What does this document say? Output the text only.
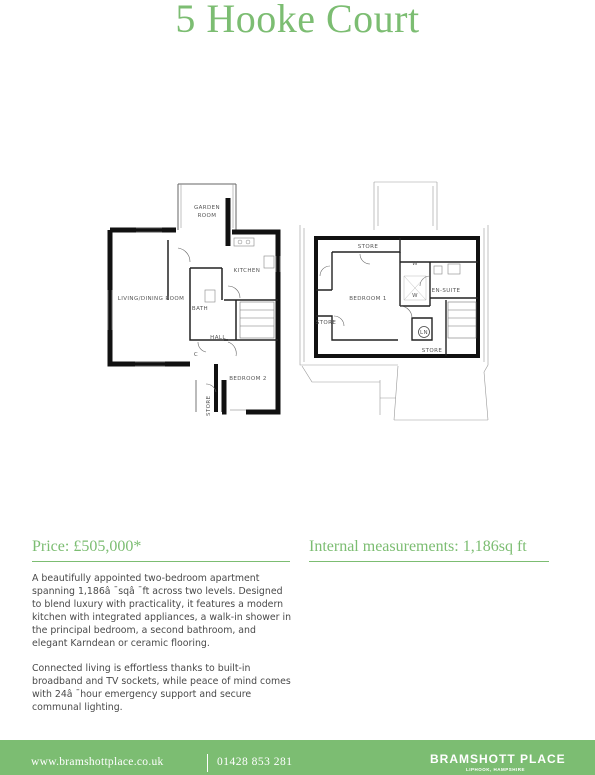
5 Hooke Court
GARDEN
ROOM
KITCHEN
LIVING/DINING ROOM
BATH
HALL
C
BEDROOM 2
STORE
STORE
BEDROOM 1
W
W
EN-SUITE
STORE
LN
STORE
Price: £505,000*	Internal measurements: 1,186sq ft

A beautifully appointed two-bedroom apartment spanning 1,186â ¯sqâ ¯ft across two levels. Designed to blend luxury with practicality, it features a modern kitchen with integrated appliances, a walk-in shower in the principal bedroom, a second bathroom, and elegant Karndean or ceramic flooring.

Connected living is effortless thanks to built-in broadband and TV sockets, while peace of mind comes with 24â ¯hour emergency support and secure communal lighting.

www.bramshottplace.co.uk	01428 853 281	BRAMSHOTT PLACE
LIPHOOK, HAMPSHIRE
